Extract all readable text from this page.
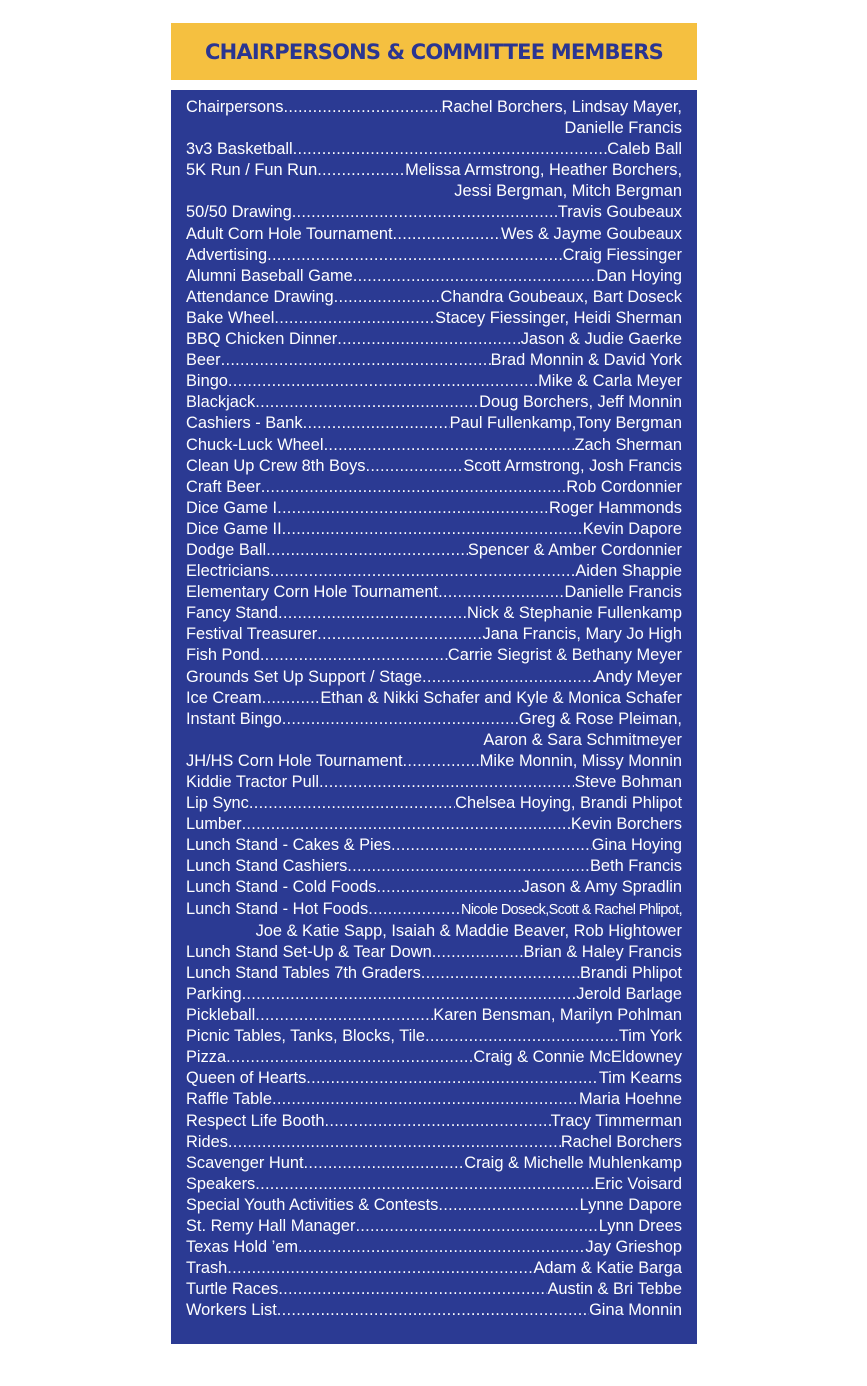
CHAIRPERSONS & COMMITTEE MEMBERS
Chairpersons .....	Rachel Borchers, Lindsay Mayer,
Danielle Francis
3v3 Basketball .....	Caleb Ball
5K Run / Fun Run .....	Melissa Armstrong, Heather Borchers,
Jessi Bergman, Mitch Bergman
50/50 Drawing .....	Travis Goubeaux
Adult Corn Hole Tournament .....	Wes & Jayme Goubeaux
Advertising .....	Craig Fiessinger
Alumni Baseball Game .....	Dan Hoying
Attendance Drawing .....	Chandra Goubeaux, Bart Doseck
Bake Wheel .....	Stacey Fiessinger, Heidi Sherman
BBQ Chicken Dinner .....	Jason & Judie Gaerke
Beer .....	Brad Monnin & David York
Bingo .....	Mike & Carla Meyer
Blackjack .....	Doug Borchers, Jeff Monnin
Cashiers - Bank .....	Paul Fullenkamp,Tony Bergman
Chuck-Luck Wheel .....	Zach Sherman
Clean Up Crew 8th Boys .....	Scott Armstrong, Josh Francis
Craft Beer .....	Rob Cordonnier
Dice Game I .....	Roger Hammonds
Dice Game II .....	Kevin Dapore
Dodge Ball .....	Spencer & Amber Cordonnier
Electricians .....	Aiden Shappie
Elementary Corn Hole Tournament .....	Danielle Francis
Fancy Stand .....	Nick & Stephanie Fullenkamp
Festival Treasurer .....	Jana Francis, Mary Jo High
Fish Pond .....	Carrie Siegrist & Bethany Meyer
Grounds Set Up Support / Stage .....	Andy Meyer
Ice Cream .....	Ethan & Nikki Schafer and Kyle & Monica Schafer
Instant Bingo .....	Greg & Rose Pleiman,
Aaron & Sara Schmitmeyer
JH/HS Corn Hole Tournament .....	Mike Monnin, Missy Monnin
Kiddie Tractor Pull .....	Steve Bohman
Lip Sync .....	Chelsea Hoying, Brandi Phlipot
Lumber .....	Kevin Borchers
Lunch Stand - Cakes & Pies .....	Gina Hoying
Lunch Stand Cashiers .....	Beth Francis
Lunch Stand - Cold Foods .....	Jason & Amy Spradlin
Lunch Stand - Hot Foods .....	Nicole Doseck,Scott & Rachel Phlipot,
Joe & Katie Sapp, Isaiah & Maddie Beaver, Rob Hightower
Lunch Stand Set-Up & Tear Down .....	Brian & Haley Francis
Lunch Stand Tables 7th Graders .....	Brandi Phlipot
Parking .....	Jerold Barlage
Pickleball .....	Karen Bensman, Marilyn Pohlman
Picnic Tables, Tanks, Blocks, Tile .....	Tim York
Pizza .....	Craig & Connie McEldowney
Queen of Hearts .....	Tim Kearns
Raffle Table .....	Maria Hoehne
Respect Life Booth .....	Tracy Timmerman
Rides .....	Rachel Borchers
Scavenger Hunt .....	Craig & Michelle Muhlenkamp
Speakers .....	Eric Voisard
Special Youth Activities & Contests .....	Lynne Dapore
St. Remy Hall Manager .....	Lynn Drees
Texas Hold ’em .....	Jay Grieshop
Trash .....	Adam & Katie Barga
Turtle Races .....	Austin & Bri Tebbe
Workers List .....	Gina Monnin
